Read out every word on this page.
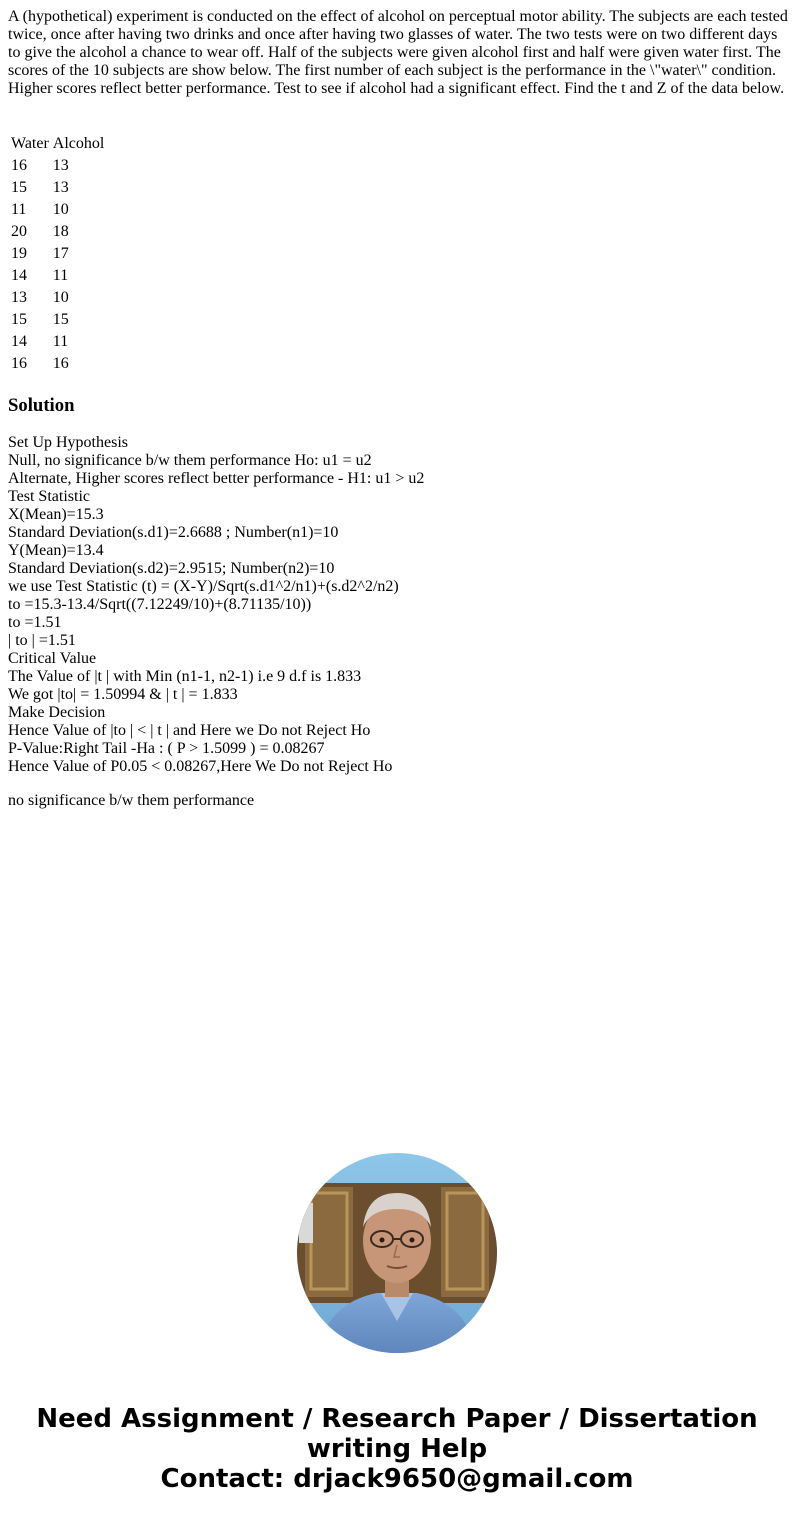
A (hypothetical) experiment is conducted on the effect of alcohol on perceptual motor ability. The subjects are each tested twice, once after having two drinks and once after having two glasses of water. The two tests were on two different days to give the alcohol a chance to wear off. Half of the subjects were given alcohol first and half were given water first. The scores of the 10 subjects are show below. The first number of each subject is the performance in the \"water\" condition. Higher scores reflect better performance. Test to see if alcohol had a significant effect. Find the t and Z of the data below.

Water	Alcohol
16	13
15	13
11	10
20	18
19	17
14	11
13	10
15	15
14	11
16	16
Solution
Set Up Hypothesis
Null, no significance b/w them performance Ho: u1 = u2
Alternate, Higher scores reflect better performance - H1: u1 > u2
Test Statistic
X(Mean)=15.3
Standard Deviation(s.d1)=2.6688 ; Number(n1)=10
Y(Mean)=13.4
Standard Deviation(s.d2)=2.9515; Number(n2)=10
we use Test Statistic (t) = (X-Y)/Sqrt(s.d1^2/n1)+(s.d2^2/n2)
to =15.3-13.4/Sqrt((7.12249/10)+(8.71135/10))
to =1.51
| to | =1.51
Critical Value
The Value of |t | with Min (n1-1, n2-1) i.e 9 d.f is 1.833
We got |to| = 1.50994 & | t | = 1.833
Make Decision
Hence Value of |to | < | t | and Here we Do not Reject Ho
P-Value:Right Tail -Ha : ( P > 1.5099 ) = 0.08267
Hence Value of P0.05 < 0.08267,Here We Do not Reject Ho

no significance b/w them performance

Need Assignment / Research Paper / Dissertation
writing Help
Contact: drjack9650@gmail.com
